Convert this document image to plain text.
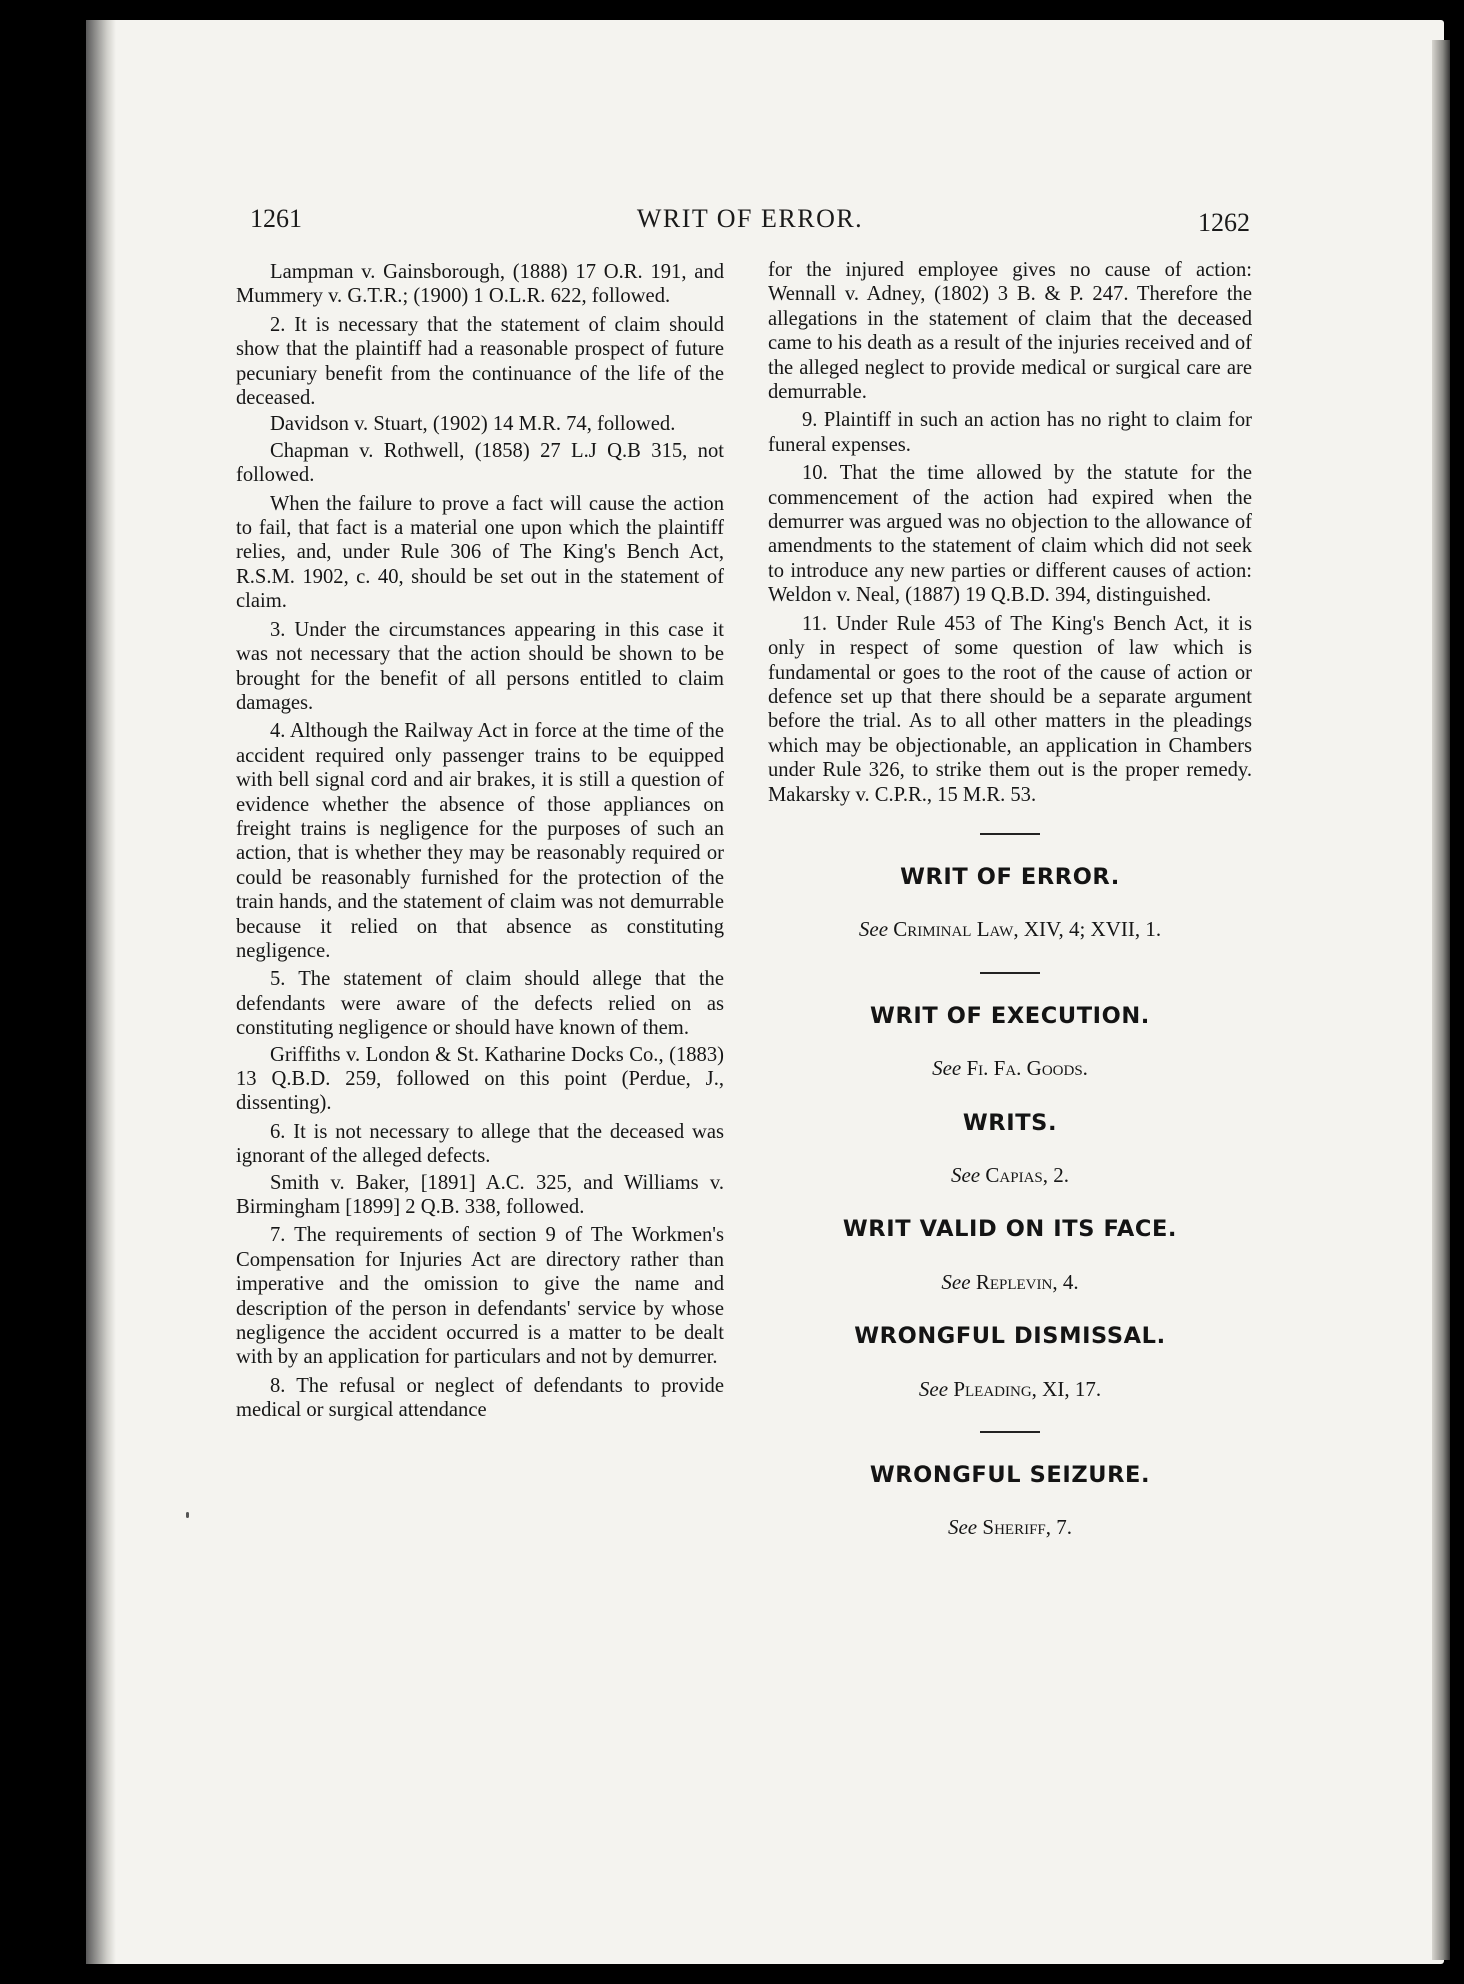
1261	WRIT OF ERROR.	1262

Lampman v. Gainsborough, (1888) 17 O.R. 191, and Mummery v. G.T.R.; (1900) 1 O.L.R. 622, followed.

2. It is necessary that the statement of claim should show that the plaintiff had a reasonable prospect of future pecuniary benefit from the continuance of the life of the deceased.

Davidson v. Stuart, (1902) 14 M.R. 74, followed.

Chapman v. Rothwell, (1858) 27 L.J Q.B 315, not followed.

When the failure to prove a fact will cause the action to fail, that fact is a material one upon which the plaintiff relies, and, under Rule 306 of The King's Bench Act, R.S.M. 1902, c. 40, should be set out in the statement of claim.

3. Under the circumstances appearing in this case it was not necessary that the action should be shown to be brought for the benefit of all persons entitled to claim damages.

4. Although the Railway Act in force at the time of the accident required only passenger trains to be equipped with bell signal cord and air brakes, it is still a question of evidence whether the absence of those appliances on freight trains is negligence for the purposes of such an action, that is whether they may be reasonably required or could be reasonably furnished for the protection of the train hands, and the statement of claim was not demurrable because it relied on that absence as constituting negligence.

5. The statement of claim should allege that the defendants were aware of the defects relied on as constituting negligence or should have known of them.

Griffiths v. London & St. Katharine Docks Co., (1883) 13 Q.B.D. 259, followed on this point (Perdue, J., dissenting).

6. It is not necessary to allege that the deceased was ignorant of the alleged defects.

Smith v. Baker, [1891] A.C. 325, and Williams v. Birmingham [1899] 2 Q.B. 338, followed.

7. The requirements of section 9 of The Workmen's Compensation for Injuries Act are directory rather than imperative and the omission to give the name and description of the person in defendants' service by whose negligence the accident occurred is a matter to be dealt with by an application for particulars and not by demurrer.

8. The refusal or neglect of defendants to provide medical or surgical attendance

for the injured employee gives no cause of action: Wennall v. Adney, (1802) 3 B. & P. 247. Therefore the allegations in the statement of claim that the deceased came to his death as a result of the injuries received and of the alleged neglect to provide medical or surgical care are demurrable.

9. Plaintiff in such an action has no right to claim for funeral expenses.

10. That the time allowed by the statute for the commencement of the action had expired when the demurrer was argued was no objection to the allowance of amendments to the statement of claim which did not seek to introduce any new parties or different causes of action: Weldon v. Neal, (1887) 19 Q.B.D. 394, distinguished.

11. Under Rule 453 of The King's Bench Act, it is only in respect of some question of law which is fundamental or goes to the root of the cause of action or defence set up that there should be a separate argument before the trial. As to all other matters in the pleadings which may be objectionable, an application in Chambers under Rule 326, to strike them out is the proper remedy. Makarsky v. C.P.R., 15 M.R. 53.

WRIT OF ERROR.
See Criminal Law, XIV, 4; XVII, 1.
WRIT OF EXECUTION.
See Fi. Fa. Goods.
WRITS.
See Capias, 2.
WRIT VALID ON ITS FACE.
See Replevin, 4.
WRONGFUL DISMISSAL.
See Pleading, XI, 17.
WRONGFUL SEIZURE.
See Sheriff, 7.
